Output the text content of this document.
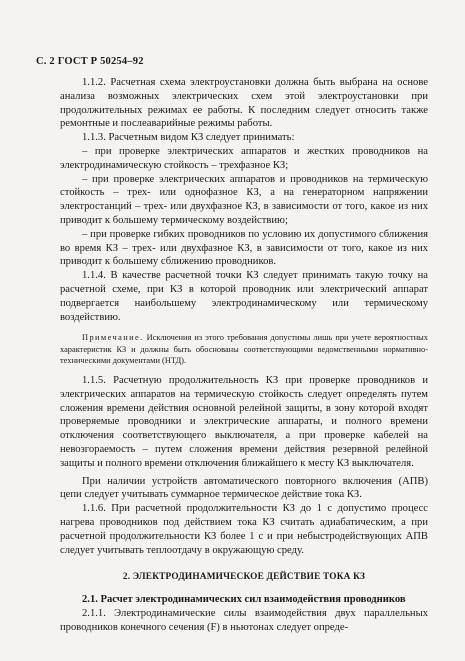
С. 2 ГОСТ Р 50254–92

1.1.2. Расчетная схема электроустановки должна быть выбрана на основе анализа возможных электрических схем этой электроустановки при продолжительных режимах ее работы. К последним следует относить также ремонтные и послеаварийные режимы работы.

1.1.3. Расчетным видом КЗ следует принимать:

– при проверке электрических аппаратов и жестких проводников на электродинамическую стойкость – трехфазное КЗ;

– при проверке электрических аппаратов и проводников на термическую стойкость – трех- или однофазное КЗ, а на генераторном напряжении электростанций – трех- или двухфазное КЗ, в зависимости от того, какое из них приводит к большему термическому воздействию;

– при проверке гибких проводников по условию их допустимого сближения во время КЗ – трех- или двухфазное КЗ, в зависимости от того, какое из них приводит к большему сближению проводников.

1.1.4. В качестве расчетной точки КЗ следует принимать такую точку на расчетной схеме, при КЗ в которой проводник или электрический аппарат подвергается наибольшему электродинамическому или термическому воздействию.

Примечание. Исключения из этого требования допустимы лишь при учете вероятностных характеристик КЗ и должны быть обоснованы соответствующими ведомственными нормативно-техническими документами (НТД).

1.1.5. Расчетную продолжительность КЗ при проверке проводников и электрических аппаратов на термическую стойкость следует определять путем сложения времени действия основной релейной защиты, в зону которой входят проверяемые проводники и электрические аппараты, и полного времени отключения соответствующего выключателя, а при проверке кабелей на невозгораемость – путем сложения времени действия резервной релейной защиты и полного времени отключения ближайшего к месту КЗ выключателя.

При наличии устройств автоматического повторного включения (АПВ) цепи следует учитывать суммарное термическое действие тока КЗ.

1.1.6. При расчетной продолжительности КЗ до 1 с допустимо процесс нагрева проводников под действием тока КЗ считать адиабатическим, а при расчетной продолжительности КЗ более 1 с и при небыстродействующих АПВ следует учитывать теплоотдачу в окружающую среду.

2. ЭЛЕКТРОДИНАМИЧЕСКОЕ ДЕЙСТВИЕ ТОКА КЗ

2.1. Расчет электродинамических сил взаимодействия проводников

2.1.1. Электродинамические силы взаимодействия двух параллельных проводников конечного сечения (F) в ньютонах следует опреде-
